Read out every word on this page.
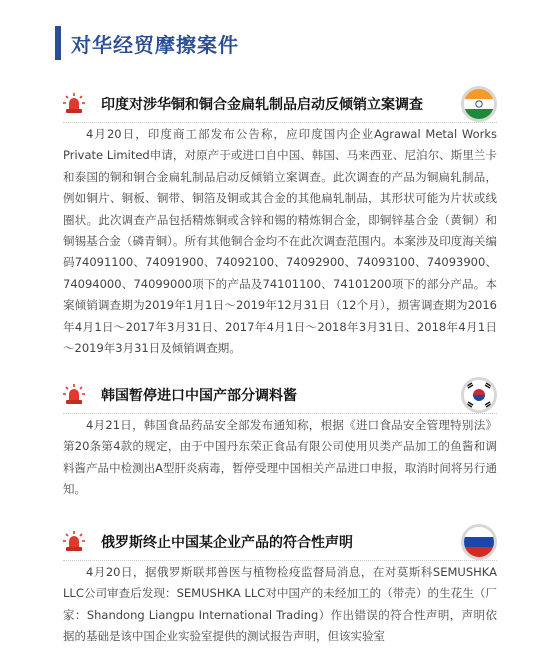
对华经贸摩擦案件
印度对涉华铜和铜合金扁轧制品启动反倾销立案调查
4月20日，印度商工部发布公告称，应印度国内企业Agrawal Metal Works Private Limited申请，对原产于或进口自中国、韩国、马来西亚、尼泊尔、斯里兰卡和泰国的铜和铜合金扁轧制品启动反倾销立案调查。此次调查的产品为铜扁轧制品，例如铜片、铜板、铜带、铜箔及铜或其合金的其他扁轧制品，其形状可能为片状或线圈状。此次调查产品包括精炼铜或含锌和锡的精炼铜合金，即铜锌基合金（黄铜）和铜锡基合金（磷青铜）。所有其他铜合金均不在此次调查范围内。本案涉及印度海关编码74091100、74091900、74092100、74092900、74093100、74093900、74094000、74099000项下的产品及74101100、74101200项下的部分产品。本案倾销调查期为2019年1月1日～2019年12月31日（12个月），损害调查期为2016年4月1日～2017年3月31日、2017年4月1日～2018年3月31日、2018年4月1日～2019年3月31日及倾销调查期。
韩国暂停进口中国产部分调料酱
4月21日，韩国食品药品安全部发布通知称，根据《进口食品安全管理特别法》第20条第4款的规定，由于中国丹东荣正食品有限公司使用贝类产品加工的鱼酱和调料酱产品中检测出A型肝炎病毒，暂停受理中国相关产品进口申报，取消时间将另行通知。
俄罗斯终止中国某企业产品的符合性声明
4月20日，据俄罗斯联邦兽医与植物检疫监督局消息，在对莫斯科SEMUSHKA LLC公司审查后发现：SEMUSHKA LLC对中国产的未经加工的（带壳）的生花生（厂家：Shandong Liangpu International Trading）作出错误的符合性声明，声明依据的基础是该中国企业实验室提供的测试报告声明，但该实验室
